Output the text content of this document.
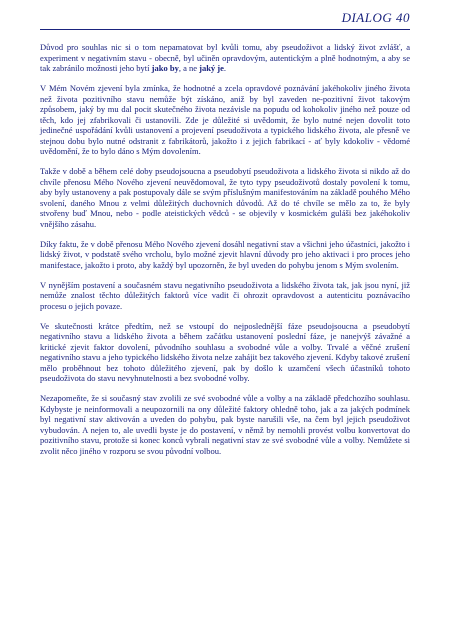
DIALOG 40

Důvod pro souhlas nic si o tom nepamatovat byl kvůli tomu, aby pseudoživot a lidský život zvlášť, a experiment v negativním stavu - obecně, byl učiněn opravdovým, autentickým a plně hodnotným, a aby se tak zabránilo možnosti jeho bytí jako by, a ne jaký je.

V Mém Novém zjevení byla zmínka, že hodnotné a zcela opravdové poznávání jakéhokoliv jiného života než života pozitivního stavu nemůže být získáno, aniž by byl zaveden ne-pozitivní život takovým způsobem, jaký by mu dal pocit skutečného života nezávisle na popudu od kohokoliv jiného než pouze od těch, kdo jej zfabrikovali či ustanovili. Zde je důležité si uvědomit, že bylo nutné nejen dovolit toto jedinečné uspořádání kvůli ustanovení a projevení pseudoživota a typického lidského života, ale přesně ve stejnou dobu bylo nutné odstranit z fabrikátorů, jakožto i z jejich fabrikací - ať byly kdokoliv - vědomé uvědomění, že to bylo dáno s Mým dovolením.

Takže v době a během celé doby pseudojsoucna a pseudobytí pseudoživota a lidského života si nikdo až do chvíle přenosu Mého Nového zjevení neuvědomoval, že tyto typy pseudoživotů dostaly povolení k tomu, aby byly ustanoveny a pak postupovaly dále se svým příslušným manifestováním na základě pouhého Mého svolení, daného Mnou z velmi důležitých duchovních důvodů. Až do té chvíle se mělo za to, že byly stvořeny buď Mnou, nebo - podle ateistických vědců - se objevily v kosmickém guláši bez jakéhokoliv vnějšího zásahu.

Díky faktu, že v době přenosu Mého Nového zjevení dosáhl negativní stav a všichni jeho účastníci, jakožto i lidský život, v podstatě svého vrcholu, bylo možné zjevit hlavní důvody pro jeho aktivaci i pro proces jeho manifestace, jakožto i proto, aby každý byl upozorněn, že byl uveden do pohybu jenom s Mým svolením.

V nynějším postavení a současném stavu negativního pseudoživota a lidského života tak, jak jsou nyní, již nemůže znalost těchto důležitých faktorů více vadit či ohrozit opravdovost a autenticitu poznávacího procesu o jejich povaze.

Ve skutečnosti krátce předtím, než se vstoupí do nejposlednější fáze pseudojsoucna a pseudobytí negativního stavu a lidského života a během začátku ustanovení poslední fáze, je nanejvýš závažné a kritické zjevit faktor dovolení, původního souhlasu a svobodné vůle a volby. Trvalé a věčné zrušení negativního stavu a jeho typického lidského života nelze zahájit bez takového zjevení. Kdyby takové zrušení mělo proběhnout bez tohoto důležitého zjevení, pak by došlo k uzamčení všech účastníků tohoto pseudoživota do stavu nevyhnutelnosti a bez svobodné volby.

Nezapomeňte, že si současný stav zvolili ze své svobodné vůle a volby a na základě předchozího souhlasu. Kdybyste je neinformovali a neupozornili na ony důležité faktory ohledně toho, jak a za jakých podmínek byl negativní stav aktivován a uveden do pohybu, pak byste narušili vše, na čem byl jejich pseudoživot vybudován. A nejen to, ale uvedli byste je do postavení, v němž by nemohli provést volbu konvertovat do pozitivního stavu, protože si konec konců vybrali negativní stav ze své svobodné vůle a volby. Nemůžete si zvolit něco jiného v rozporu se svou původní volbou.
